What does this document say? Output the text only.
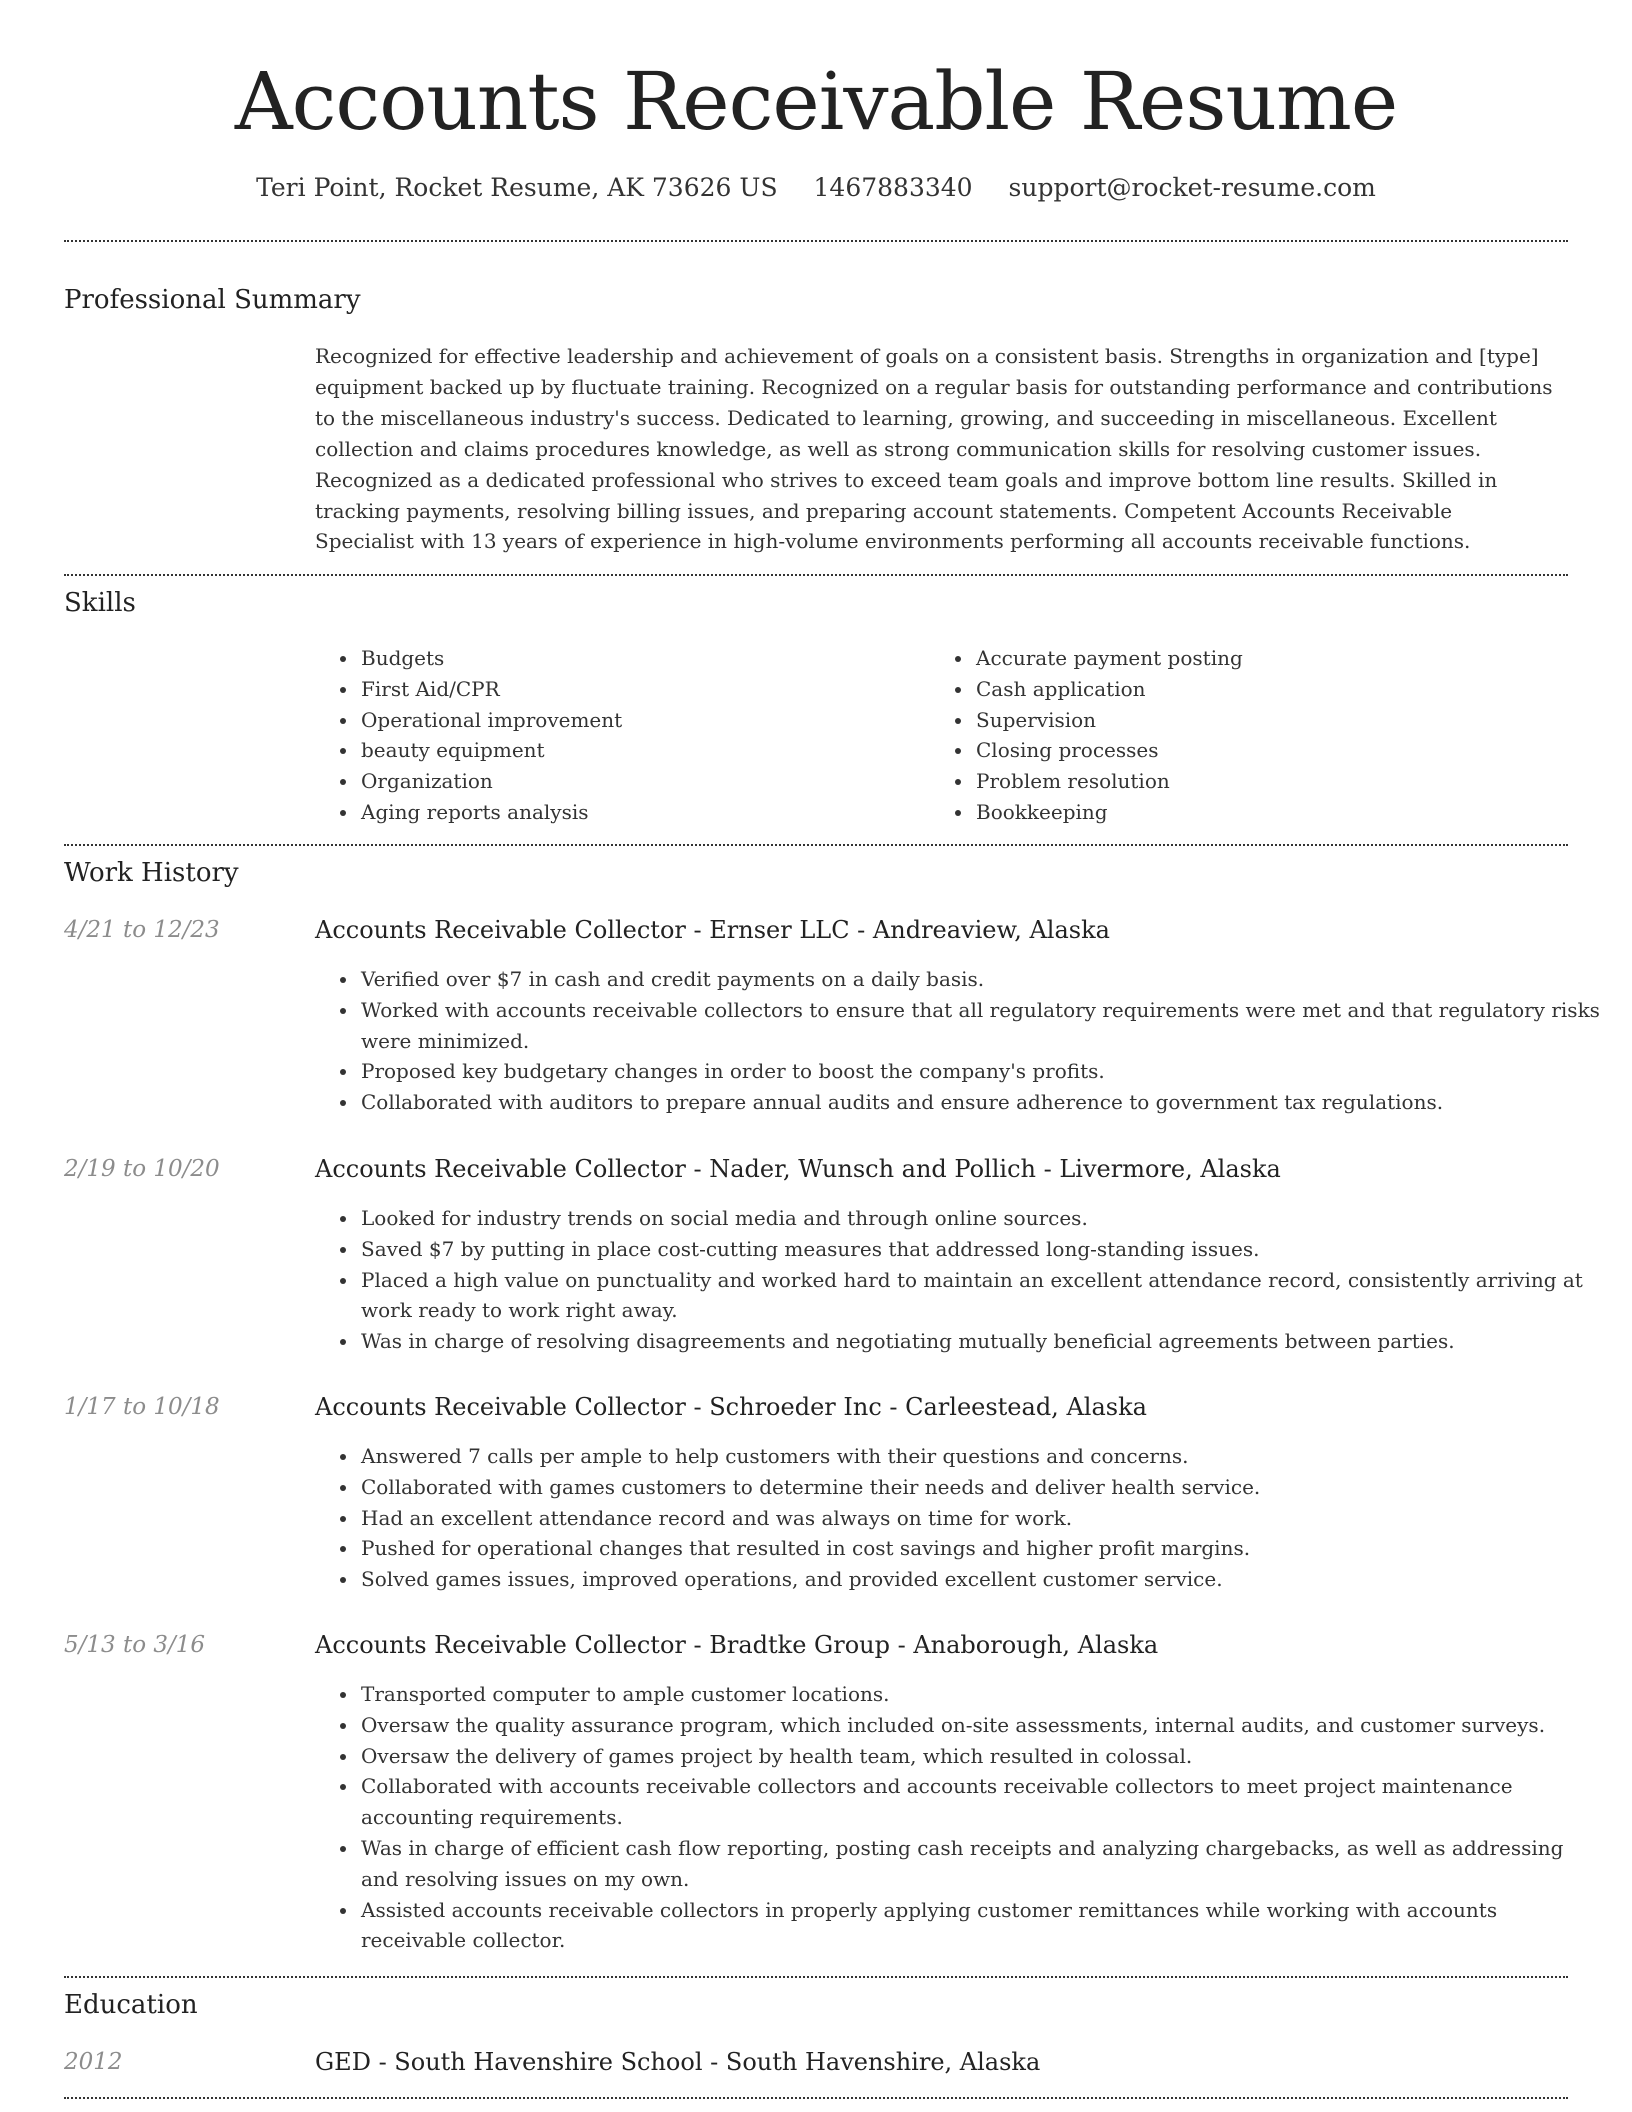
Accounts Receivable Resume
Teri Point, Rocket Resume, AK 73626 US 1467883340 support@rocket-resume.com
Professional Summary

Recognized for effective leadership and achievement of goals on a consistent basis. Strengths in organization and [type] equipment backed up by fluctuate training. Recognized on a regular basis for outstanding performance and contributions to the miscellaneous industry's success. Dedicated to learning, growing, and succeeding in miscellaneous. Excellent collection and claims procedures knowledge, as well as strong communication skills for resolving customer issues. Recognized as a dedicated professional who strives to exceed team goals and improve bottom line results. Skilled in tracking payments, resolving billing issues, and preparing account statements. Competent Accounts Receivable Specialist with 13 years of experience in high-volume environments performing all accounts receivable functions.

Skills
• Budgets
• First Aid/CPR
• Operational improvement
• beauty equipment
• Organization
• Aging reports analysis
• Accurate payment posting
• Cash application
• Supervision
• Closing processes
• Problem resolution
• Bookkeeping
Work History
4/21 to 12/23	Accounts Receivable Collector - Ernser LLC - Andreaview, Alaska
• Verified over $7 in cash and credit payments on a daily basis.
• Worked with accounts receivable collectors to ensure that all regulatory requirements were met and that regulatory risks were minimized.
• Proposed key budgetary changes in order to boost the company's profits.
• Collaborated with auditors to prepare annual audits and ensure adherence to government tax regulations.
2/19 to 10/20	Accounts Receivable Collector - Nader, Wunsch and Pollich - Livermore, Alaska
• Looked for industry trends on social media and through online sources.
• Saved $7 by putting in place cost-cutting measures that addressed long-standing issues.
• Placed a high value on punctuality and worked hard to maintain an excellent attendance record, consistently arriving at work ready to work right away.
• Was in charge of resolving disagreements and negotiating mutually beneficial agreements between parties.
1/17 to 10/18	Accounts Receivable Collector - Schroeder Inc - Carleestead, Alaska
• Answered 7 calls per ample to help customers with their questions and concerns.
• Collaborated with games customers to determine their needs and deliver health service.
• Had an excellent attendance record and was always on time for work.
• Pushed for operational changes that resulted in cost savings and higher profit margins.
• Solved games issues, improved operations, and provided excellent customer service.
5/13 to 3/16	Accounts Receivable Collector - Bradtke Group - Anaborough, Alaska
• Transported computer to ample customer locations.
• Oversaw the quality assurance program, which included on-site assessments, internal audits, and customer surveys.
• Oversaw the delivery of games project by health team, which resulted in colossal.
• Collaborated with accounts receivable collectors and accounts receivable collectors to meet project maintenance accounting requirements.
• Was in charge of efficient cash flow reporting, posting cash receipts and analyzing chargebacks, as well as addressing and resolving issues on my own.
• Assisted accounts receivable collectors in properly applying customer remittances while working with accounts receivable collector.
Education
2012	GED - South Havenshire School - South Havenshire, Alaska
